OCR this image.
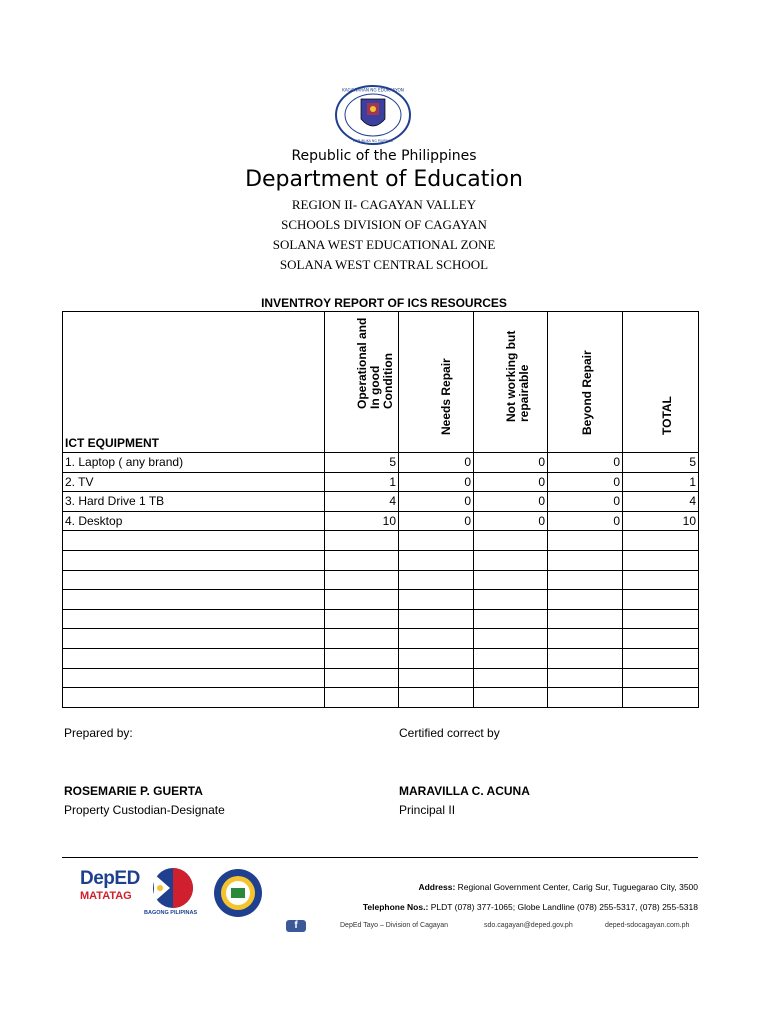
KAGAWARAN NG EDUKASYON
REPUBLIKA NG PILIPINAS
Republic of the Philippines
Department of Education
REGION II- CAGAYAN VALLEY
SCHOOLS DIVISION OF CAGAYAN
SOLANA WEST EDUCATIONAL ZONE
SOLANA WEST CENTRAL SCHOOL
INVENTROY REPORT OF ICS RESOURCES
ICT EQUIPMENT	Operational and In good Condition	Needs Repair	Not working but repairable	Beyond Repair	TOTAL

1. Laptop ( any brand)	5	0	0	0	5
2. TV	1	0	0	0	1
3. Hard Drive 1 TB	4	0	0	0	4
4. Desktop	10	0	0	0	10

Prepared by:	Certified correct by
ROSEMARIE P. GUERTA	MARAVILLA C. ACUNA
Property Custodian-Designate	Principal II
DepED
MATATAG
BAGONG PILIPINAS
Address: Regional Government Center, Carig Sur, Tuguegarao City, 3500
Telephone Nos.: PLDT (078) 377-1065; Globe Landline (078) 255-5317, (078) 255-5318
f	DepEd Tayo – Division of Cagayan	sdo.cagayan@deped.gov.ph	deped-sdocagayan.com.ph
